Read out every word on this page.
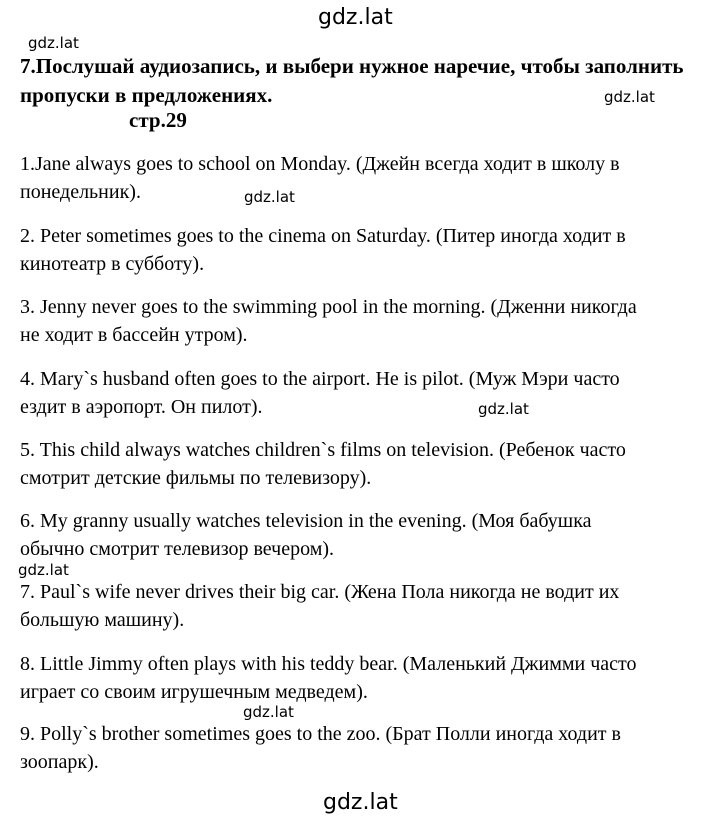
gdz.lat
gdz.lat

7.Послушай аудиозапись, и выбери нужное наречие, чтобы заполнить
пропуски в предложениях.	gdz.lat

стр.29

1.Jane always goes to school on Monday. (Джейн всегда ходит в школу в
понедельник).	gdz.lat

2. Peter sometimes goes to the cinema on Saturday. (Питер иногда ходит в
кинотеатр в субботу).

3. Jenny never goes to the swimming pool in the morning. (Дженни никогда
не ходит в бассейн утром).

4. Mary`s husband often goes to the airport. He is pilot. (Муж Мэри часто
ездит в аэропорт. Он пилот).	gdz.lat

5. This child always watches children`s films on television. (Ребенок часто
смотрит детские фильмы по телевизору).

6. My granny usually watches television in the evening. (Моя бабушка
обычно смотрит телевизор вечером).

gdz.lat

7. Paul`s wife never drives their big car. (Жена Пола никогда не водит их
большую машину).

8. Little Jimmy often plays with his teddy bear. (Маленький Джимми часто
играет со своим игрушечным медведем).

gdz.lat

9. Polly`s brother sometimes goes to the zoo. (Брат Полли иногда ходит в
зоопарк).

gdz.lat
